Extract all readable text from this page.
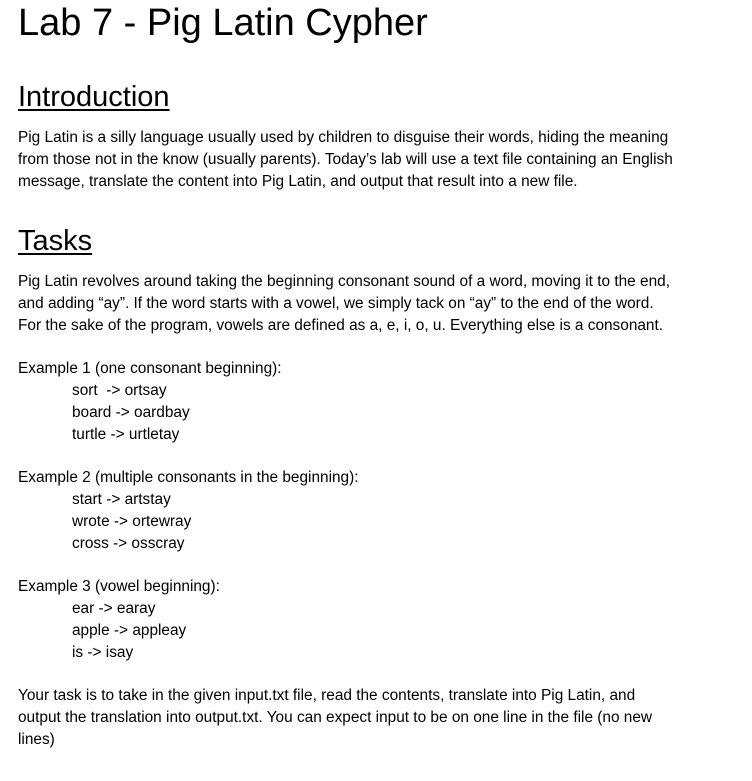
Lab 7 - Pig Latin Cypher
Introduction

Pig Latin is a silly language usually used by children to disguise their words, hiding the meaning
from those not in the know (usually parents). Today’s lab will use a text file containing an English
message, translate the content into Pig Latin, and output that result into a new file.

Tasks

Pig Latin revolves around taking the beginning consonant sound of a word, moving it to the end,
and adding “ay”. If the word starts with a vowel, we simply tack on “ay” to the end of the word.
For the sake of the program, vowels are defined as a, e, i, o, u. Everything else is a consonant.

Example 1 (one consonant beginning):
sort  -> ortsay
board -> oardbay
turtle -> urtletay
Example 2 (multiple consonants in the beginning):
start -> artstay
wrote -> ortewray
cross -> osscray
Example 3 (vowel beginning):
ear -> earay
apple -> appleay
is -> isay

Your task is to take in the given input.txt file, read the contents, translate into Pig Latin, and
output the translation into output.txt. You can expect input to be on one line in the file (no new
lines)
